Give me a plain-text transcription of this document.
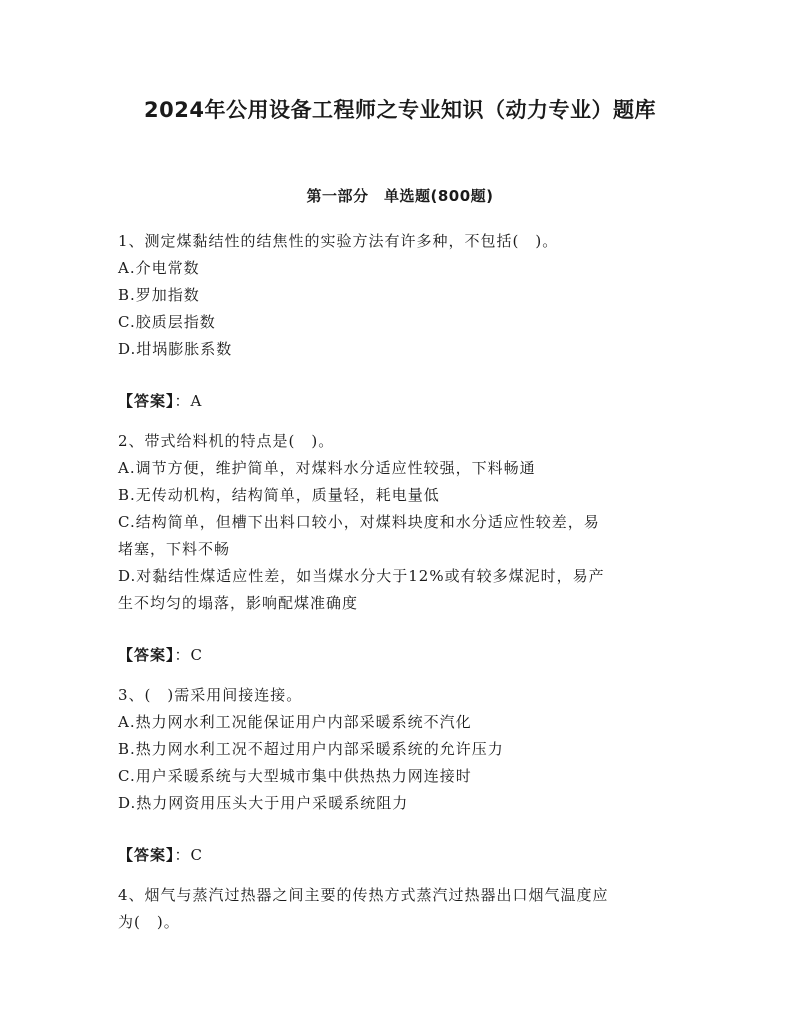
2024年公用设备工程师之专业知识（动力专业）题库
第一部分　单选题(800题)
1、测定煤黏结性的结焦性的实验方法有许多种，不包括(　)。
A.介电常数
B.罗加指数
C.胶质层指数
D.坩埚膨胀系数
【答案】：A
2、带式给料机的特点是(　)。
A.调节方便，维护简单，对煤料水分适应性较强，下料畅通
B.无传动机构，结构简单，质量轻，耗电量低
C.结构简单，但槽下出料口较小，对煤料块度和水分适应性较差，易
堵塞，下料不畅
D.对黏结性煤适应性差，如当煤水分大于12%或有较多煤泥时，易产
生不均匀的塌落，影响配煤准确度
【答案】：C
3、(　)需采用间接连接。
A.热力网水利工况能保证用户内部采暖系统不汽化
B.热力网水利工况不超过用户内部采暖系统的允许压力
C.用户采暖系统与大型城市集中供热热力网连接时
D.热力网资用压头大于用户采暖系统阻力
【答案】：C
4、烟气与蒸汽过热器之间主要的传热方式蒸汽过热器出口烟气温度应
为(　)。
